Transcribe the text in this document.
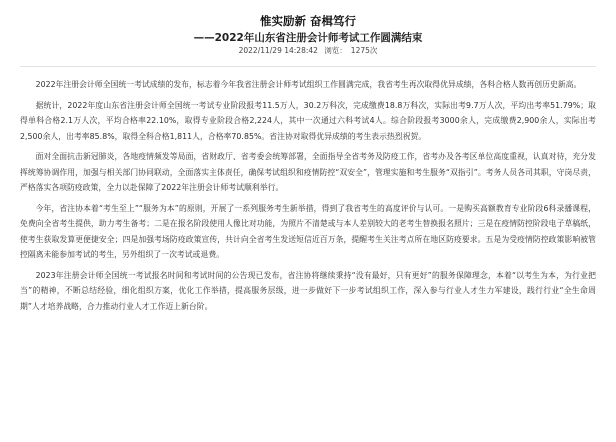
惟实励新 奋楫笃行
——2022年山东省注册会计师考试工作圆满结束
2022/11/29 14:28:42 浏览： 1275次

2022年注册会计师全国统一考试成绩的发布，标志着今年我省注册会计师考试组织工作圆满完成，我省考生再次取得优异成绩，各科合格人数再创历史新高。

据统计，2022年度山东省注册会计师全国统一考试专业阶段报考11.5万人，30.2万科次，完成缴费18.8万科次，实际出考9.7万人次，平均出考率51.79%；取得单科合格2.1万人次，平均合格率22.10%，取得专业阶段合格2,224人，其中一次通过六科考试4人。综合阶段报考3000余人，完成缴费2,900余人，实际出考2,500余人，出考率85.8%，取得全科合格1,811人，合格率70.85%。省注协对取得优异成绩的考生表示热烈祝贺。

面对全面抗击新冠肺炎，各地疫情频发等局面，省财政厅、省考委会统筹部署，全面指导全省考务及防疫工作，省考办及各考区单位高度重视，认真对待，充分发挥统筹协调作用，加强与相关部门协同联动，全面落实主体责任，确保考试组织和疫情防控“双安全”，管理实施和考生服务“双指引”。考务人员各司其职，守岗尽责，严格落实各项防疫政策，全力以赴保障了2022年注册会计师考试顺利举行。

今年，省注协本着“考生至上”“服务为本”的原则，开展了一系列服务考生新举措，得到了我省考生的高度评价与认可。一是购买高额教育专业阶段6科录播课程，免费向全省考生提供，助力考生备考；二是在报名阶段使用人像比对功能，为照片不清楚或与本人差别较大的老考生替换报名照片；三是在疫情防控阶段电子草稿纸，使考生获取发算更便捷安全；四是加强考场防疫政策宣传，共计向全省考生发送短信近百万条，提醒考生关注考点所在地区防疫要求。五是为受疫情防控政策影响被管控隔离未能参加考试的考生，另外组织了一次考试或退费。

2023年注册会计师全国统一考试报名时间和考试时间的公告现已发布，省注协将继续秉持“没有最好，只有更好”的服务保障理念，本着“以考生为本，为行业把当”的精神，不断总结经验，细化组织方案，优化工作举措，提高服务层级，进一步做好下一步考试组织工作，深入参与行业人才生力军建设，践行行业“全生命周期”人才培养战略，合力推动行业人才工作迈上新台阶。
